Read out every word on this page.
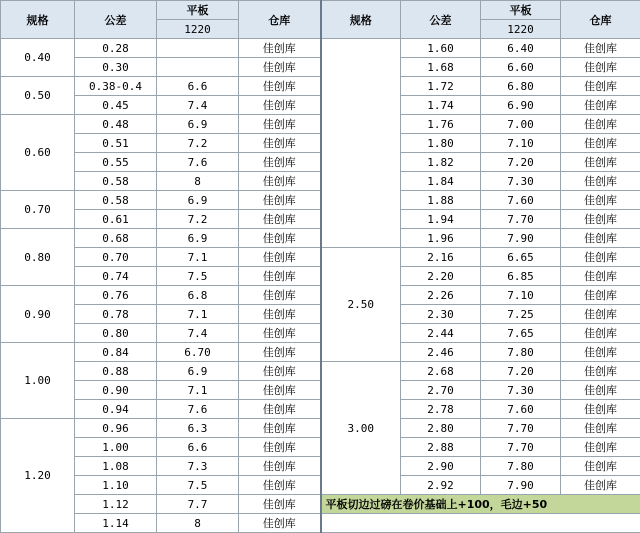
规格	公差	平板	仓库	规格	公差	平板	仓库
		1220				1220	
0.40	0.28		佳创库		1.60	6.40	佳创库
	0.30		佳创库		1.68	6.60	佳创库
0.50	0.38-0.4	6.6	佳创库		1.72	6.80	佳创库
	0.45	7.4	佳创库		1.74	6.90	佳创库
0.60	0.48	6.9	佳创库		1.76	7.00	佳创库
	0.51	7.2	佳创库		1.80	7.10	佳创库
	0.55	7.6	佳创库		1.82	7.20	佳创库
	0.58	8	佳创库		1.84	7.30	佳创库
0.70	0.58	6.9	佳创库		1.88	7.60	佳创库
	0.61	7.2	佳创库		1.94	7.70	佳创库
0.80	0.68	6.9	佳创库		1.96	7.90	佳创库
	0.70	7.1	佳创库	2.50	2.16	6.65	佳创库
	0.74	7.5	佳创库		2.20	6.85	佳创库
0.90	0.76	6.8	佳创库		2.26	7.10	佳创库
	0.78	7.1	佳创库		2.30	7.25	佳创库
	0.80	7.4	佳创库		2.44	7.65	佳创库
1.00	0.84	6.70	佳创库		2.46	7.80	佳创库
	0.88	6.9	佳创库	3.00	2.68	7.20	佳创库
	0.90	7.1	佳创库		2.70	7.30	佳创库
	0.94	7.6	佳创库		2.78	7.60	佳创库
1.20	0.96	6.3	佳创库		2.80	7.70	佳创库
	1.00	6.6	佳创库		2.88	7.70	佳创库
	1.08	7.3	佳创库		2.90	7.80	佳创库
	1.10	7.5	佳创库		2.92	7.90	佳创库
	1.12	7.7	佳创库	平板切边过磅在卷价基础上+100，毛边+50			
	1.14	8	佳创库				
